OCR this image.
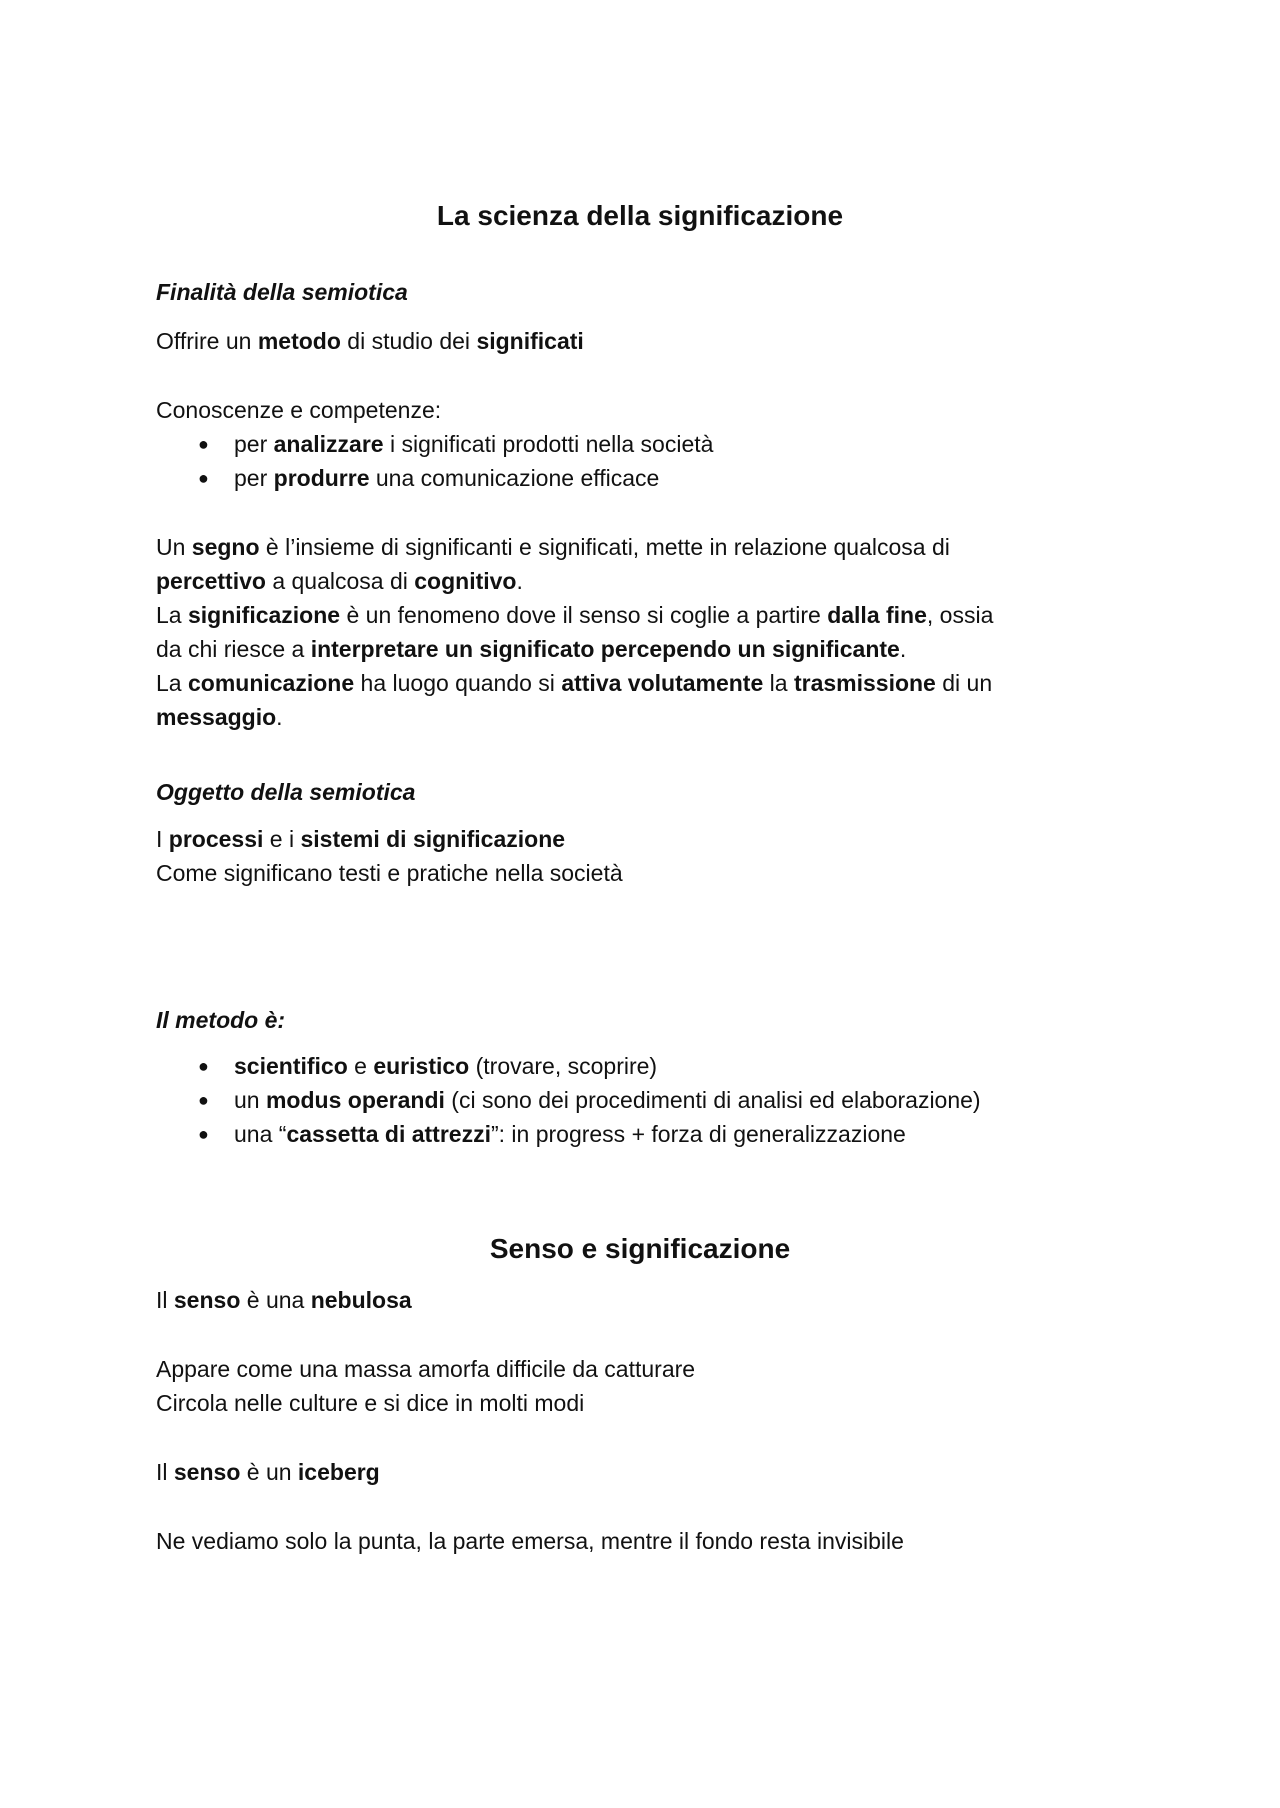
La scienza della significazione
Finalità della semiotica

Offrire un metodo di studio dei significati

Conoscenze e competenze:

● per analizzare i significati prodotti nella società
● per produrre una comunicazione efficace
Un segno è l’insieme di significanti e significati, mette in relazione qualcosa di
percettivo a qualcosa di cognitivo.
La significazione è un fenomeno dove il senso si coglie a partire dalla fine, ossia
da chi riesce a interpretare un significato percependo un significante.
La comunicazione ha luogo quando si attiva volutamente la trasmissione di un
messaggio.
Oggetto della semiotica

I processi e i sistemi di significazione

Come significano testi e pratiche nella società

Il metodo è:
● scientifico e euristico (trovare, scoprire)
● un modus operandi (ci sono dei procedimenti di analisi ed elaborazione)
● una “cassetta di attrezzi”: in progress + forza di generalizzazione
Senso e significazione

Il senso è una nebulosa

Appare come una massa amorfa difficile da catturare

Circola nelle culture e si dice in molti modi

Il senso è un iceberg

Ne vediamo solo la punta, la parte emersa, mentre il fondo resta invisibile
